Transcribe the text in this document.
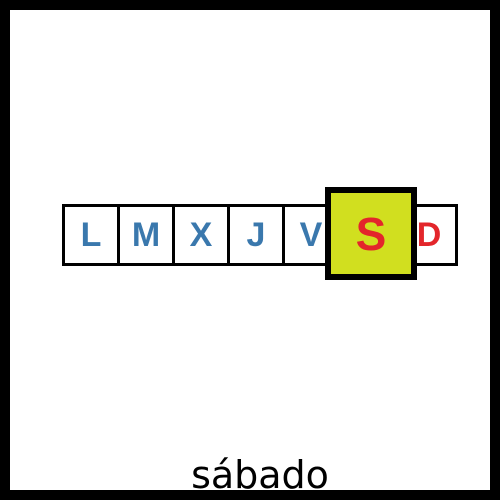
L M X	J	V	D
S
sábado
